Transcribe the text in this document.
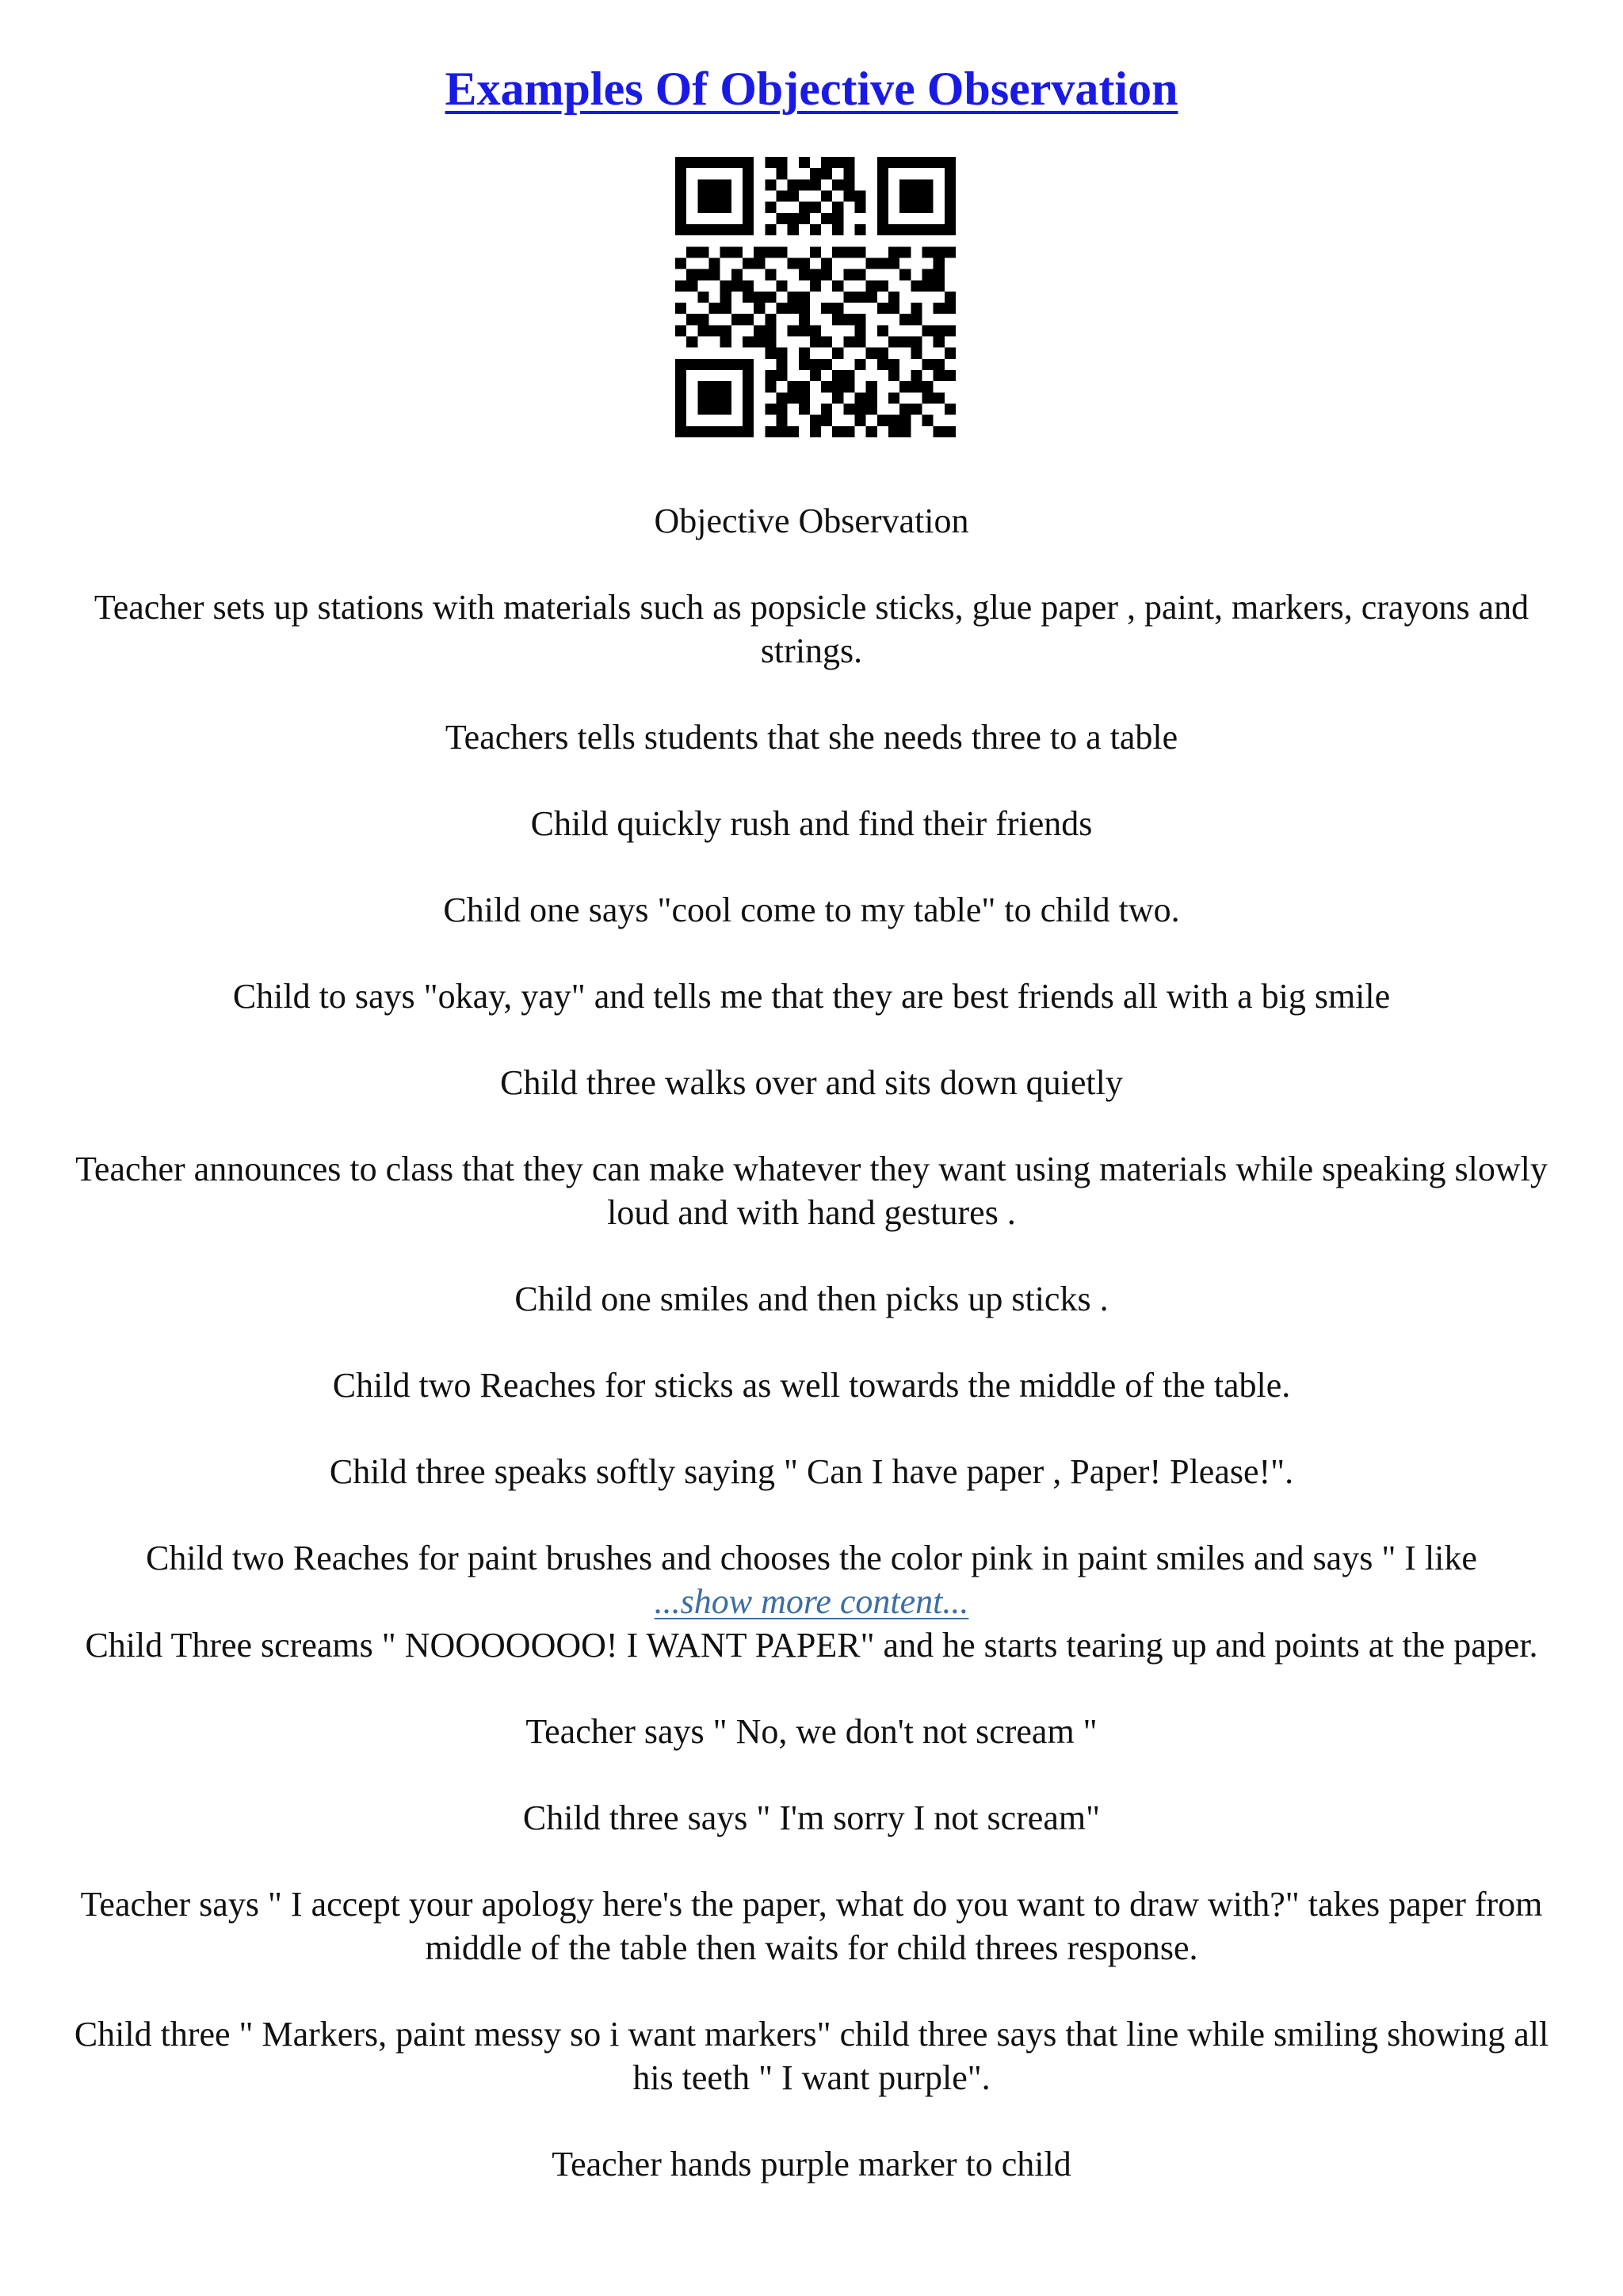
Examples Of Objective Observation

Objective Observation

Teacher sets up stations with materials such as popsicle sticks, glue paper , paint, markers, crayons and strings.

Teachers tells students that she needs three to a table

Child quickly rush and find their friends

Child one says "cool come to my table" to child two.

Child to says "okay, yay" and tells me that they are best friends all with a big smile

Child three walks over and sits down quietly

Teacher announces to class that they can make whatever they want using materials while speaking slowly loud and with hand gestures .

Child one smiles and then picks up sticks .

Child two Reaches for sticks as well towards the middle of the table.

Child three speaks softly saying " Can I have paper , Paper! Please!".

Child two Reaches for paint brushes and chooses the color pink in paint smiles and says " I like

...show more content...

Child Three screams " NOOOOOOO! I WANT PAPER" and he starts tearing up and points at the paper.

Teacher says " No, we don't not scream "

Child three says " I'm sorry I not scream"

Teacher says " I accept your apology here's the paper, what do you want to draw with?" takes paper from middle of the table then waits for child threes response.

Child three " Markers, paint messy so i want markers" child three says that line while smiling showing all his teeth " I want purple".

Teacher hands purple marker to child
